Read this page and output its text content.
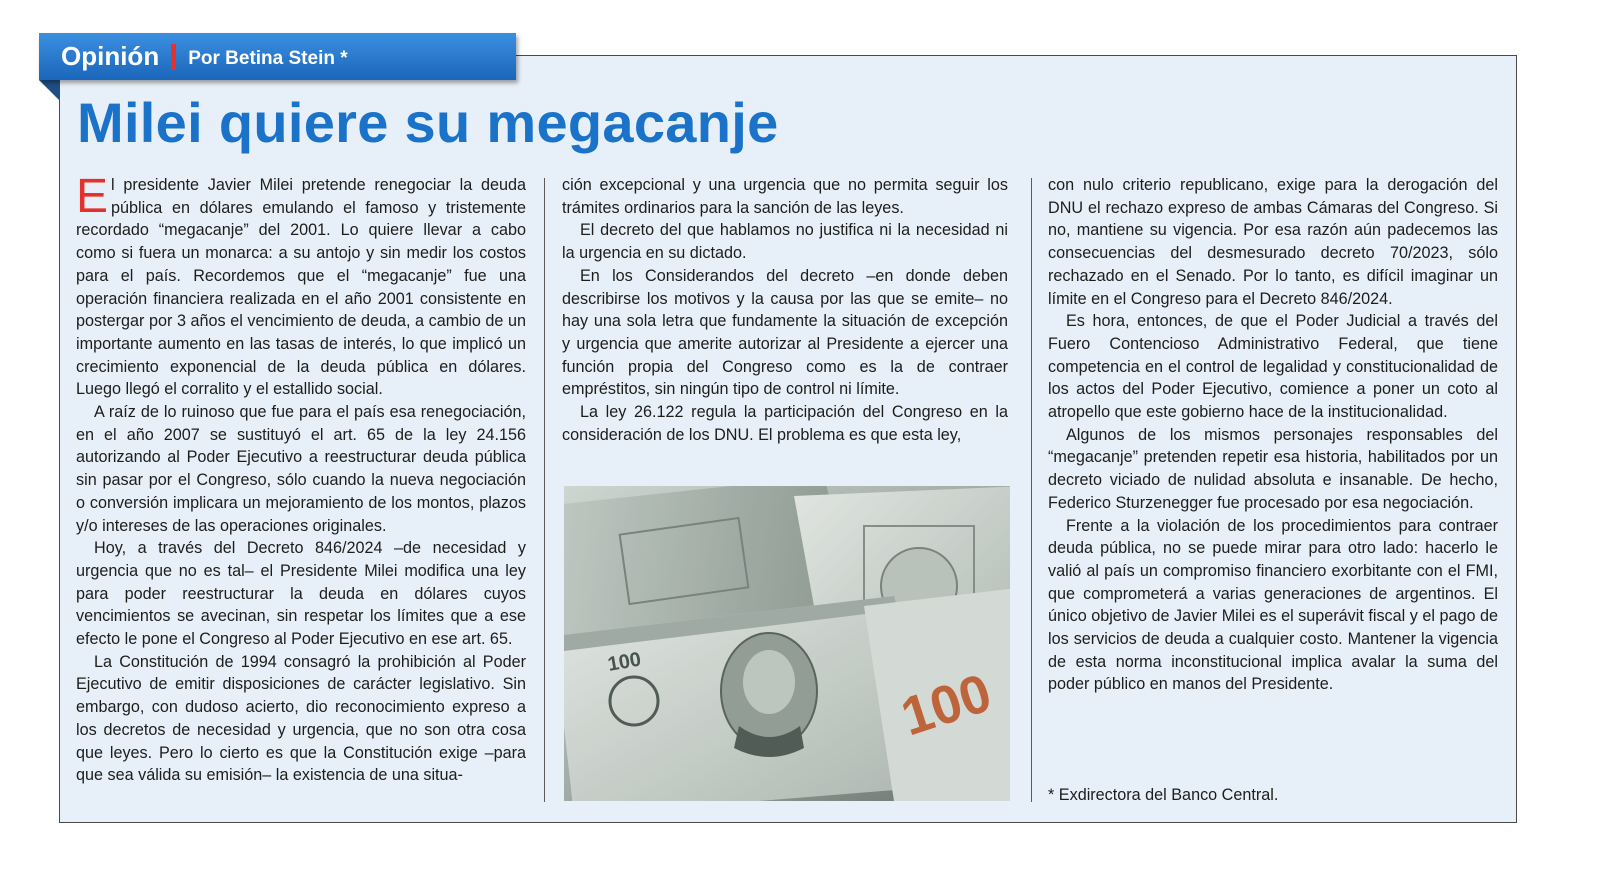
Opinión Por Betina Stein *
Milei quiere su megacanje

El presidente Javier Milei pretende renegociar la deuda pública en dólares emulando el famoso y tristemente recordado “megacanje” del 2001. Lo quiere llevar a cabo como si fuera un monarca: a su antojo y sin medir los costos para el país. Recordemos que el “megacanje” fue una operación financiera realizada en el año 2001 consistente en postergar por 3 años el vencimiento de deuda, a cambio de un importante aumento en las tasas de interés, lo que implicó un crecimiento exponencial de la deuda pública en dólares. Luego llegó el corralito y el estallido social.

A raíz de lo ruinoso que fue para el país esa renegociación, en el año 2007 se sustituyó el art. 65 de la ley 24.156 autorizando al Poder Ejecutivo a reestructurar deuda pública sin pasar por el Congreso, sólo cuando la nueva negociación o conversión implicara un mejoramiento de los montos, plazos y/o intereses de las operaciones originales.

Hoy, a través del Decreto 846/2024 –de necesidad y urgencia que no es tal– el Presidente Milei modifica una ley para poder reestructurar la deuda en dólares cuyos vencimientos se avecinan, sin respetar los límites que a ese efecto le pone el Congreso al Poder Ejecutivo en ese art. 65.

La Constitución de 1994 consagró la prohibición al Poder Ejecutivo de emitir disposiciones de carácter legislativo. Sin embargo, con dudoso acierto, dio reconocimiento expreso a los decretos de necesidad y urgencia, que no son otra cosa que leyes. Pero lo cierto es que la Constitución exige –para que sea válida su emisión– la existencia de una situa-

ción excepcional y una urgencia que no permita seguir los trámites ordinarios para la sanción de las leyes.

El decreto del que hablamos no justifica ni la necesidad ni la urgencia en su dictado.

En los Considerandos del decreto –en donde deben describirse los motivos y la causa por las que se emite– no hay una sola letra que fundamente la situación de excepción y urgencia que amerite autorizar al Presidente a ejercer una función propia del Congreso como es la de contraer empréstitos, sin ningún tipo de control ni límite.

La ley 26.122 regula la participación del Congreso en la consideración de los DNU. El problema es que esta ley,

100
100

con nulo criterio republicano, exige para la derogación del DNU el rechazo expreso de ambas Cámaras del Congreso. Si no, mantiene su vigencia. Por esa razón aún padecemos las consecuencias del desmesurado decreto 70/2023, sólo rechazado en el Senado. Por lo tanto, es difícil imaginar un límite en el Congreso para el Decreto 846/2024.

Es hora, entonces, de que el Poder Judicial a través del Fuero Contencioso Administrativo Federal, que tiene competencia en el control de legalidad y constitucionalidad de los actos del Poder Ejecutivo, comience a poner un coto al atropello que este gobierno hace de la institucionalidad.

Algunos de los mismos personajes responsables del “megacanje” pretenden repetir esa historia, habilitados por un decreto viciado de nulidad absoluta e insanable. De hecho, Federico Sturzenegger fue procesado por esa negociación.

Frente a la violación de los procedimientos para contraer deuda pública, no se puede mirar para otro lado: hacerlo le valió al país un compromiso financiero exorbitante con el FMI, que comprometerá a varias generaciones de argentinos. El único objetivo de Javier Milei es el superávit fiscal y el pago de los servicios de deuda a cualquier costo. Mantener la vigencia de esta norma inconstitucional implica avalar la suma del poder público en manos del Presidente.

* Exdirectora del Banco Central.
